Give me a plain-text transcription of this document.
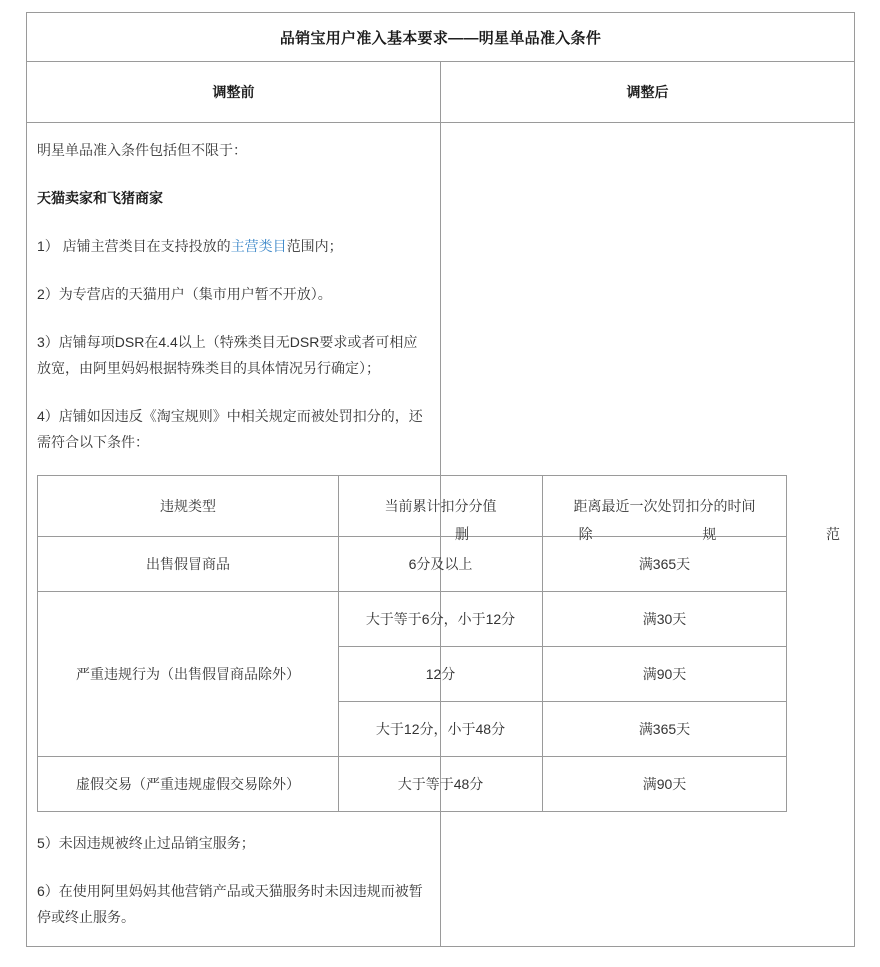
品销宝用户准入基本要求——明星单品准入条件
调整前	调整后

明星单品准入条件包括但不限于：

天猫卖家和飞猪商家

1） 店铺主营类目在支持投放的主营类目范围内；

2）为专营店的天猫用户（集市用户暂不开放）。

3）店铺每项DSR在4.4以上（特殊类目无DSR要求或者可相应放宽，由阿里妈妈根据特殊类目的具体情况另行确定）；

4）店铺如因违反《淘宝规则》中相关规定而被处罚扣分的，还需符合以下条件：

违规类型	当前累计扣分分值	距离最近一次处罚扣分的时间
出售假冒商品	6分及以上	满365天
严重违规行为（出售假冒商品除外）	大于等于6分，小于12分	满30天
12分	满90天
大于12分，小于48分	满365天
虚假交易（严重违规虚假交易除外）	大于等于48分	满90天

5）未因违规被终止过品销宝服务；

6）在使用阿里妈妈其他营销产品或天猫服务时未因违规而被暂停或终止服务。

	删除规范
